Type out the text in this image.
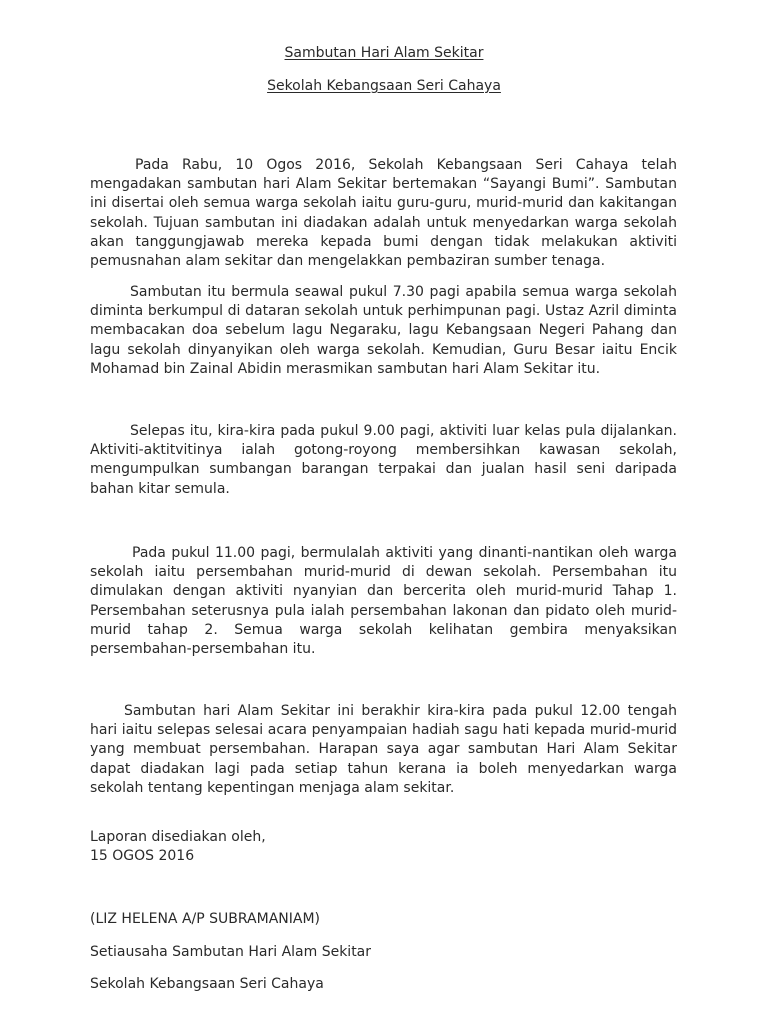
Sambutan Hari Alam Sekitar
Sekolah Kebangsaan Seri Cahaya

Pada Rabu, 10 Ogos 2016, Sekolah Kebangsaan Seri Cahaya telah mengadakan sambutan hari Alam Sekitar bertemakan “Sayangi Bumi”. Sambutan ini disertai oleh semua warga sekolah iaitu guru-guru, murid-murid dan kakitangan sekolah. Tujuan sambutan ini diadakan adalah untuk menyedarkan warga sekolah akan tanggungjawab mereka kepada bumi dengan tidak melakukan aktiviti pemusnahan alam sekitar dan mengelakkan pembaziran sumber tenaga.

Sambutan itu bermula seawal pukul 7.30 pagi apabila semua warga sekolah diminta berkumpul di dataran sekolah untuk perhimpunan pagi. Ustaz Azril diminta membacakan doa sebelum lagu Negaraku, lagu Kebangsaan Negeri Pahang dan lagu sekolah dinyanyikan oleh warga sekolah. Kemudian, Guru Besar iaitu Encik Mohamad bin Zainal Abidin merasmikan sambutan hari Alam Sekitar itu.

Selepas itu, kira-kira pada pukul 9.00 pagi, aktiviti luar kelas pula dijalankan. Aktiviti-aktitvitinya ialah gotong-royong membersihkan kawasan sekolah, mengumpulkan sumbangan barangan terpakai dan jualan hasil seni daripada bahan kitar semula.

Pada pukul 11.00 pagi, bermulalah aktiviti yang dinanti-nantikan oleh warga sekolah iaitu persembahan murid-murid di dewan sekolah. Persembahan itu dimulakan dengan aktiviti nyanyian dan bercerita oleh murid-murid Tahap 1. Persembahan seterusnya pula ialah persembahan lakonan dan pidato oleh murid-murid tahap 2. Semua warga sekolah kelihatan gembira menyaksikan persembahan-persembahan itu.

Sambutan hari Alam Sekitar ini berakhir kira-kira pada pukul 12.00 tengah hari iaitu selepas selesai acara penyampaian hadiah sagu hati kepada murid-murid yang membuat persembahan. Harapan saya agar sambutan Hari Alam Sekitar dapat diadakan lagi pada setiap tahun kerana ia boleh menyedarkan warga sekolah tentang kepentingan menjaga alam sekitar.

Laporan disediakan oleh,
15 OGOS 2016
(LIZ HELENA A/P SUBRAMANIAM)
Setiausaha Sambutan Hari Alam Sekitar
Sekolah Kebangsaan Seri Cahaya
